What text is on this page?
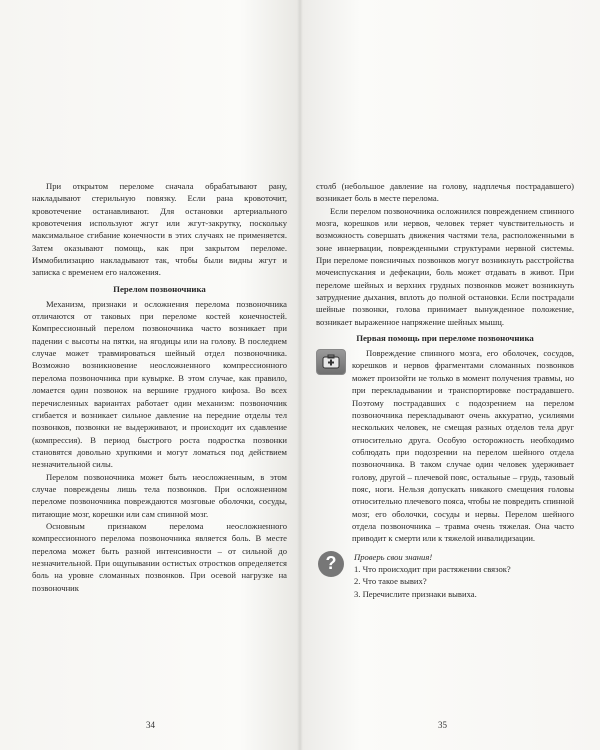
При открытом переломе сначала обрабатывают рану, накладывают стерильную повязку. Если рана кровоточит, кровотечение останавливают. Для остановки артериального кровотечения используют жгут или жгут-закрутку, поскольку максимальное сгибание конечности в этих случаях не применяется. Затем оказывают помощь, как при закрытом переломе. Иммобилизацию накладывают так, чтобы были видны жгут и записка с временем его наложения.

Перелом позвоночника

Механизм, признаки и осложнения перелома позвоночника отличаются от таковых при переломе костей конечностей. Компрессионный перелом позвоночника часто возникает при падении с высоты на пятки, на ягодицы или на голову. В последнем случае может травмироваться шейный отдел позвоночника. Возможно возникновение неосложненного компрессионного перелома позвоночника при кувырке. В этом случае, как правило, ломается один позвонок на вершине грудного кифоза. Во всех перечисленных вариантах работает один механизм: позвоночник сгибается и возникает сильное давление на передние отделы тел позвонков, позвонки не выдерживают, и происходит их сдавление (компрессия). В период быстрого роста подростка позвонки становятся довольно хрупкими и могут ломаться под действием незначительной силы.

Перелом позвоночника может быть неосложненным, в этом случае повреждены лишь тела позвонков. При осложненном переломе позвоночника повреждаются мозговые оболочки, сосуды, питающие мозг, корешки или сам спинной мозг.

Основным признаком перелома неосложненного компрессионного перелома позвоночника является боль. В месте перелома может быть разной интенсивности – от сильной до незначительной. При ощупывании остистых отростков определяется боль на уровне сломанных позвонков. При осевой нагрузке на позвоночник

34

столб (небольшое давление на голову, надплечья пострадавшего) возникает боль в месте перелома.

Если перелом позвоночника осложнился повреждением спинного мозга, корешков или нервов, человек теряет чувствительность и возможность совершать движения частями тела, расположенными в зоне иннервации, поврежденными структурами нервной системы. При переломе поясничных позвонков могут возникнуть расстройства мочеиспускания и дефекации, боль может отдавать в живот. При переломе шейных и верхних грудных позвонков может возникнуть затруднение дыхания, вплоть до полной остановки. Если пострадали шейные позвонки, голова принимает вынужденное положение, возникает выраженное напряжение шейных мышц.

Первая помощь при переломе позвоночника

Повреждение спинного мозга, его оболочек, сосудов, корешков и нервов фрагментами сломанных позвонков может произойти не только в момент получения травмы, но при перекладывании и транспортировке пострадавшего. Поэтому пострадавших с подозрением на перелом позвоночника перекладывают очень аккуратно, усилиями нескольких человек, не смещая разных отделов тела друг относительно друга. Особую осторожность необходимо соблюдать при подозрении на перелом шейного отдела позвоночника. В таком случае один человек удерживает голову, другой – плечевой пояс, остальные – грудь, тазовый пояс, ноги. Нельзя допускать никакого смещения головы относительно плечевого пояса, чтобы не повредить спинной мозг, его оболочки, сосуды и нервы. Перелом шейного отдела позвоночника – травма очень тяжелая. Она часто приводит к смерти или к тяжелой инвалидизации.

?	Проверь свои знания!
1. Что происходит при растяжении связок?
2. Что такое вывих?
3. Перечислите признаки вывиха.
35
